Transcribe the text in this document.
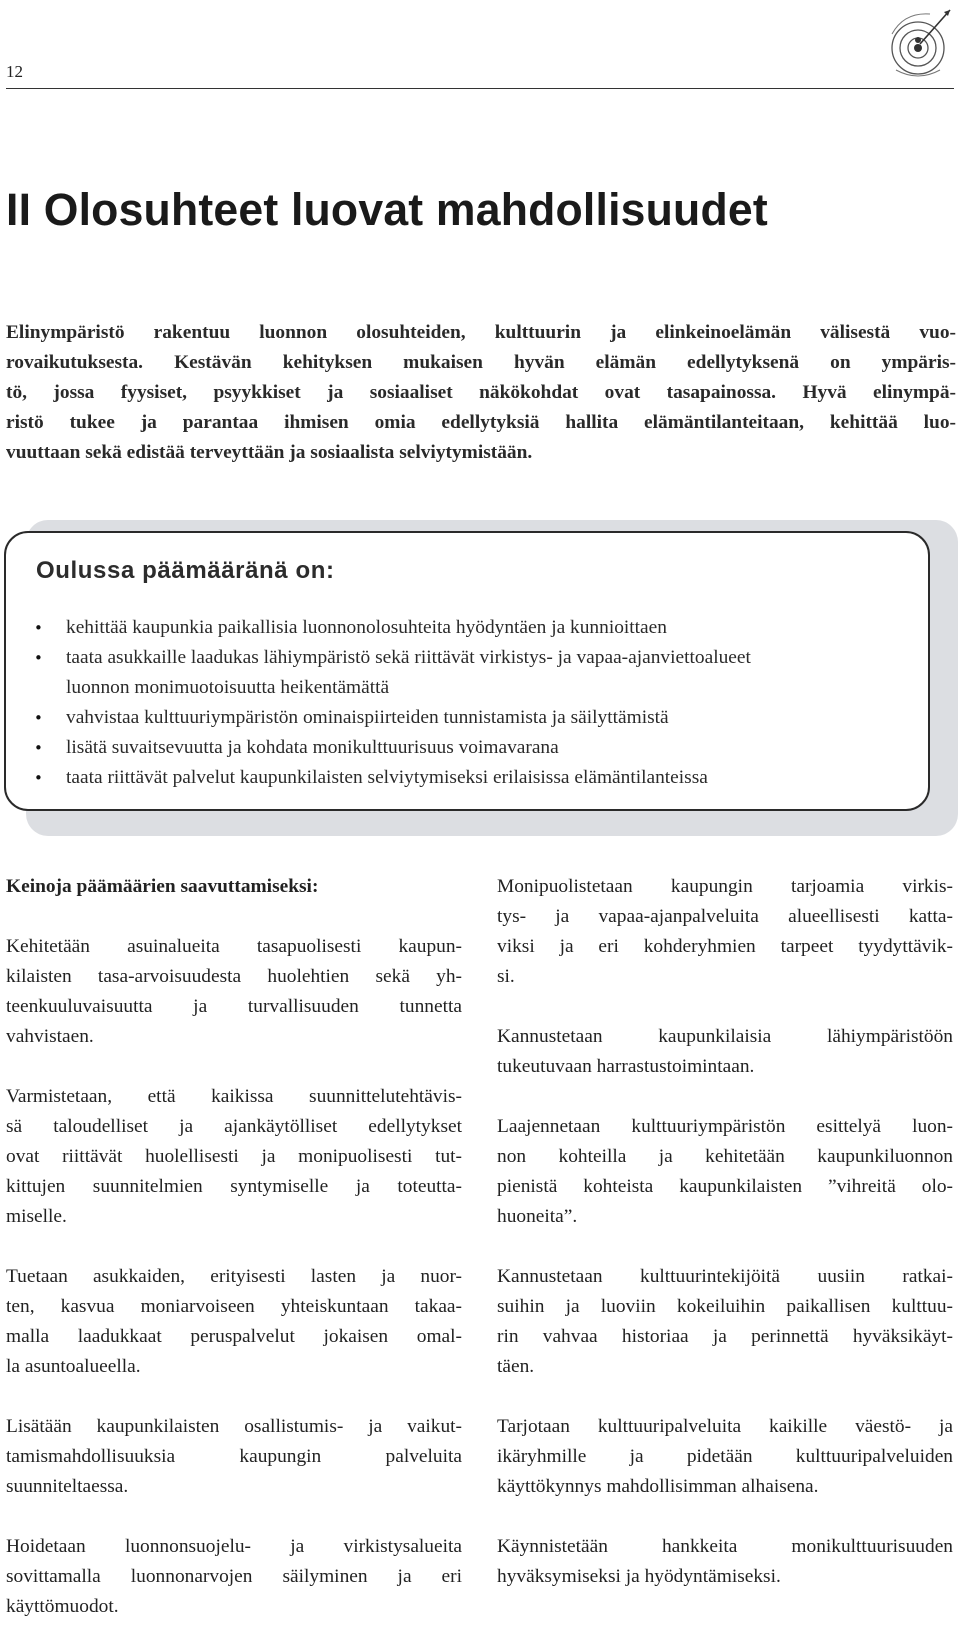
12
II Olosuhteet luovat mahdollisuudet

Elinympäristö rakentuu luonnon olosuhteiden, kulttuurin ja elinkeinoelämän välisestä vuo-
rovaikutuksesta. Kestävän kehityksen mukaisen hyvän elämän edellytyksenä on ympäris-
tö, jossa fyysiset, psyykkiset ja sosiaaliset näkökohdat ovat tasapainossa. Hyvä elinympä-
ristö tukee ja parantaa ihmisen omia edellytyksiä hallita elämäntilanteitaan, kehittää luo-
vuuttaan sekä edistää terveyttään ja sosiaalista selviytymistään.

Oulussa päämääränä on:
• kehittää kaupunkia paikallisia luonnonolosuhteita hyödyntäen ja kunnioittaen
• taata asukkaille laadukas lähiympäristö sekä riittävät virkistys- ja vapaa-ajanviettoalueet
luonnon monimuotoisuutta heikentämättä
• vahvistaa kulttuuriympäristön ominaispiirteiden tunnistamista ja säilyttämistä
• lisätä suvaitsevuutta ja kohdata monikulttuurisuus voimavarana
• taata riittävät palvelut kaupunkilaisten selviytymiseksi erilaisissa elämäntilanteissa
Keinoja päämäärien saavuttamiseksi:

Kehitetään asuinalueita tasapuolisesti kaupun-
kilaisten tasa-arvoisuudesta huolehtien sekä yh-
teenkuuluvaisuutta ja turvallisuuden tunnetta
vahvistaen.

Varmistetaan, että kaikissa suunnittelutehtävis-
sä taloudelliset ja ajankäytölliset edellytykset
ovat riittävät huolellisesti ja monipuolisesti tut-
kittujen suunnitelmien syntymiselle ja toteutta-
miselle.

Tuetaan asukkaiden, erityisesti lasten ja nuor-
ten, kasvua moniarvoiseen yhteiskuntaan takaa-
malla laadukkaat peruspalvelut jokaisen omal-
la asuntoalueella.

Lisätään kaupunkilaisten osallistumis- ja vaikut-
tamismahdollisuuksia kaupungin palveluita
suunniteltaessa.

Hoidetaan luonnonsuojelu- ja virkistysalueita
sovittamalla luonnonarvojen säilyminen ja eri
käyttömuodot.

Monipuolistetaan kaupungin tarjoamia virkis-
tys- ja vapaa-ajanpalveluita alueellisesti katta-
viksi ja eri kohderyhmien tarpeet tyydyttävik-
si.

Kannustetaan kaupunkilaisia lähiympäristöön
tukeutuvaan harrastustoimintaan.

Laajennetaan kulttuuriympäristön esittelyä luon-
non kohteilla ja kehitetään kaupunkiluonnon
pienistä kohteista kaupunkilaisten ”vihreitä olo-
huoneita”.

Kannustetaan kulttuurintekijöitä uusiin ratkai-
suihin ja luoviin kokeiluihin paikallisen kulttuu-
rin vahvaa historiaa ja perinnettä hyväksikäyt-
täen.

Tarjotaan kulttuuripalveluita kaikille väestö- ja
ikäryhmille ja pidetään kulttuuripalveluiden
käyttökynnys mahdollisimman alhaisena.

Käynnistetään hankkeita monikulttuurisuuden
hyväksymiseksi ja hyödyntämiseksi.
